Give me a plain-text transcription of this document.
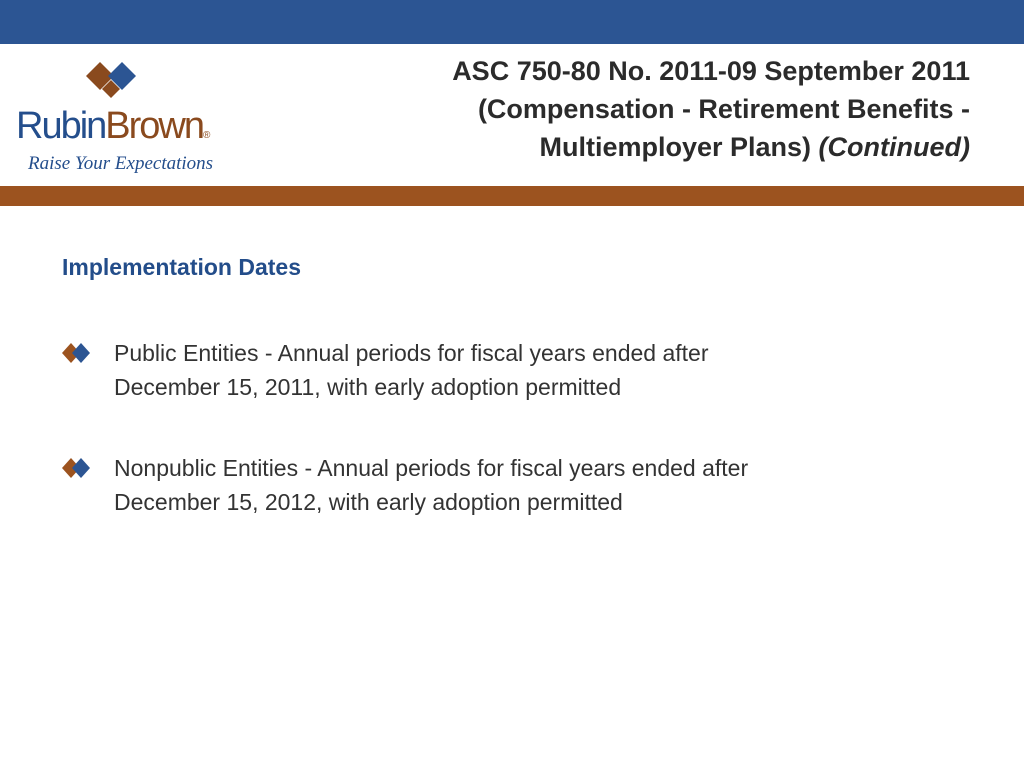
RubinBrown®
Raise Your Expectations
ASC 750-80 No. 2011-09 September 2011
(Compensation - Retirement Benefits -
Multiemployer Plans) (Continued)
Implementation Dates
Public Entities - Annual periods for fiscal years ended after
December 15, 2011, with early adoption permitted
Nonpublic Entities - Annual periods for fiscal years ended after
December 15, 2012, with early adoption permitted
